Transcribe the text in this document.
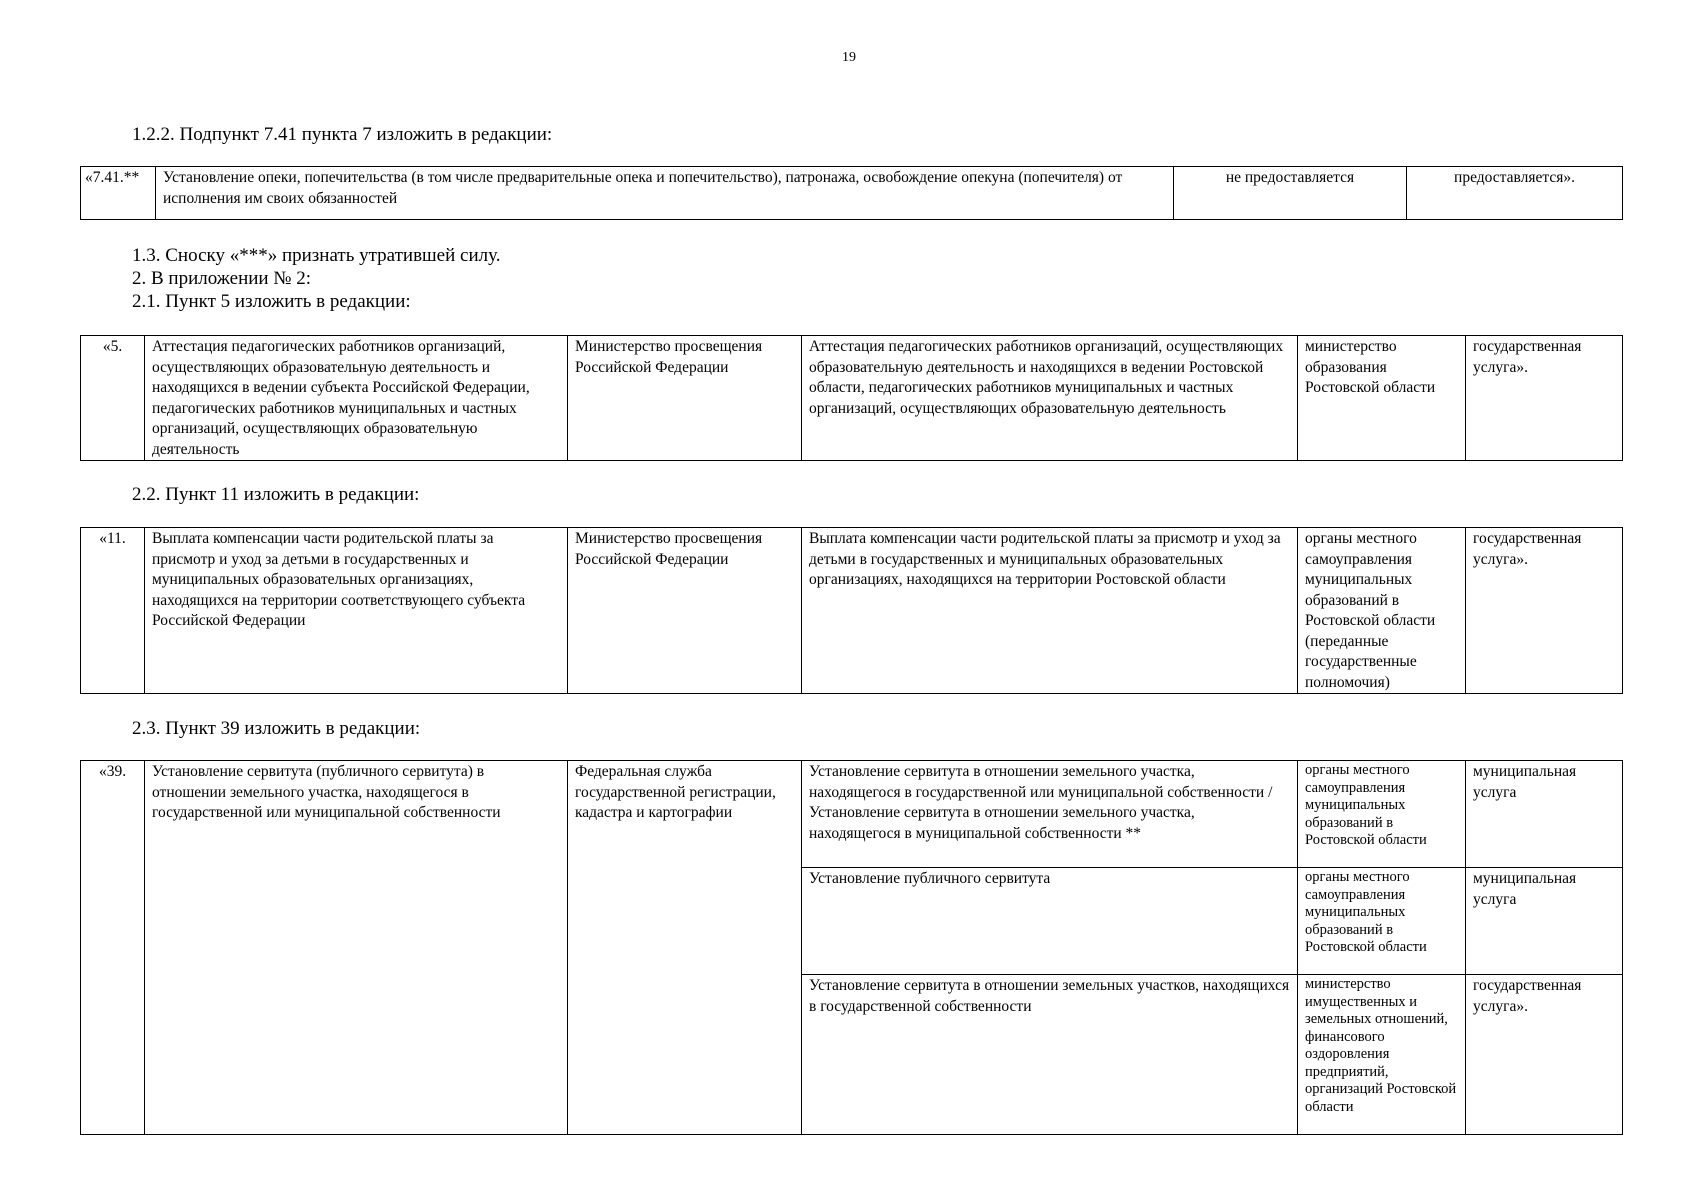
19
1.2.2. Подпункт 7.41 пункта 7 изложить в редакции:
«7.41.**	Установление опеки, попечительства (в том числе предварительные опека и попечительство), патронажа, освобождение опекуна (попечителя) от исполнения им своих обязанностей	не предоставляется	предоставляется».
1.3. Сноску «***» признать утратившей силу.
2. В приложении № 2:
2.1. Пункт 5 изложить в редакции:
«5.	Аттестация педагогических работников организаций, осуществляющих образовательную деятельность и находящихся в ведении субъекта Российской Федерации, педагогических работников муниципальных и частных организаций, осуществляющих образовательную деятельность	Министерство просвещения Российской Федерации	Аттестация педагогических работников организаций, осуществляющих образовательную деятельность и находящихся в ведении Ростовской области, педагогических работников муниципальных и частных организаций, осуществляющих образовательную деятельность	министерство образования Ростовской области	государственная услуга».
2.2. Пункт 11 изложить в редакции:
«11.	Выплата компенсации части родительской платы за присмотр и уход за детьми в государственных и муниципальных образовательных организациях, находящихся на территории соответствующего субъекта Российской Федерации	Министерство просвещения Российской Федерации	Выплата компенсации части родительской платы за присмотр и уход за детьми в государственных и муниципальных образовательных организациях, находящихся на территории Ростовской области	органы местного самоуправления муниципальных образований в Ростовской области (переданные государственные полномочия)	государственная услуга».
2.3. Пункт 39 изложить в редакции:
«39.	Установление сервитута (публичного сервитута) в отношении земельного участка, находящегося в государственной или муниципальной собственности	Федеральная служба государственной регистрации, кадастра и картографии	Установление сервитута в отношении земельного участка, находящегося в государственной или муниципальной собственности / Установление сервитута в отношении земельного участка, находящегося в муниципальной собственности **	органы местного самоуправления муниципальных образований в Ростовской области	муниципальная услуга
			Установление публичного сервитута	органы местного самоуправления муниципальных образований в Ростовской области	муниципальная услуга
			Установление сервитута в отношении земельных участков, находящихся в государственной собственности	министерство имущественных и земельных отношений, финансового оздоровления предприятий, организаций Ростовской области	государственная услуга».
